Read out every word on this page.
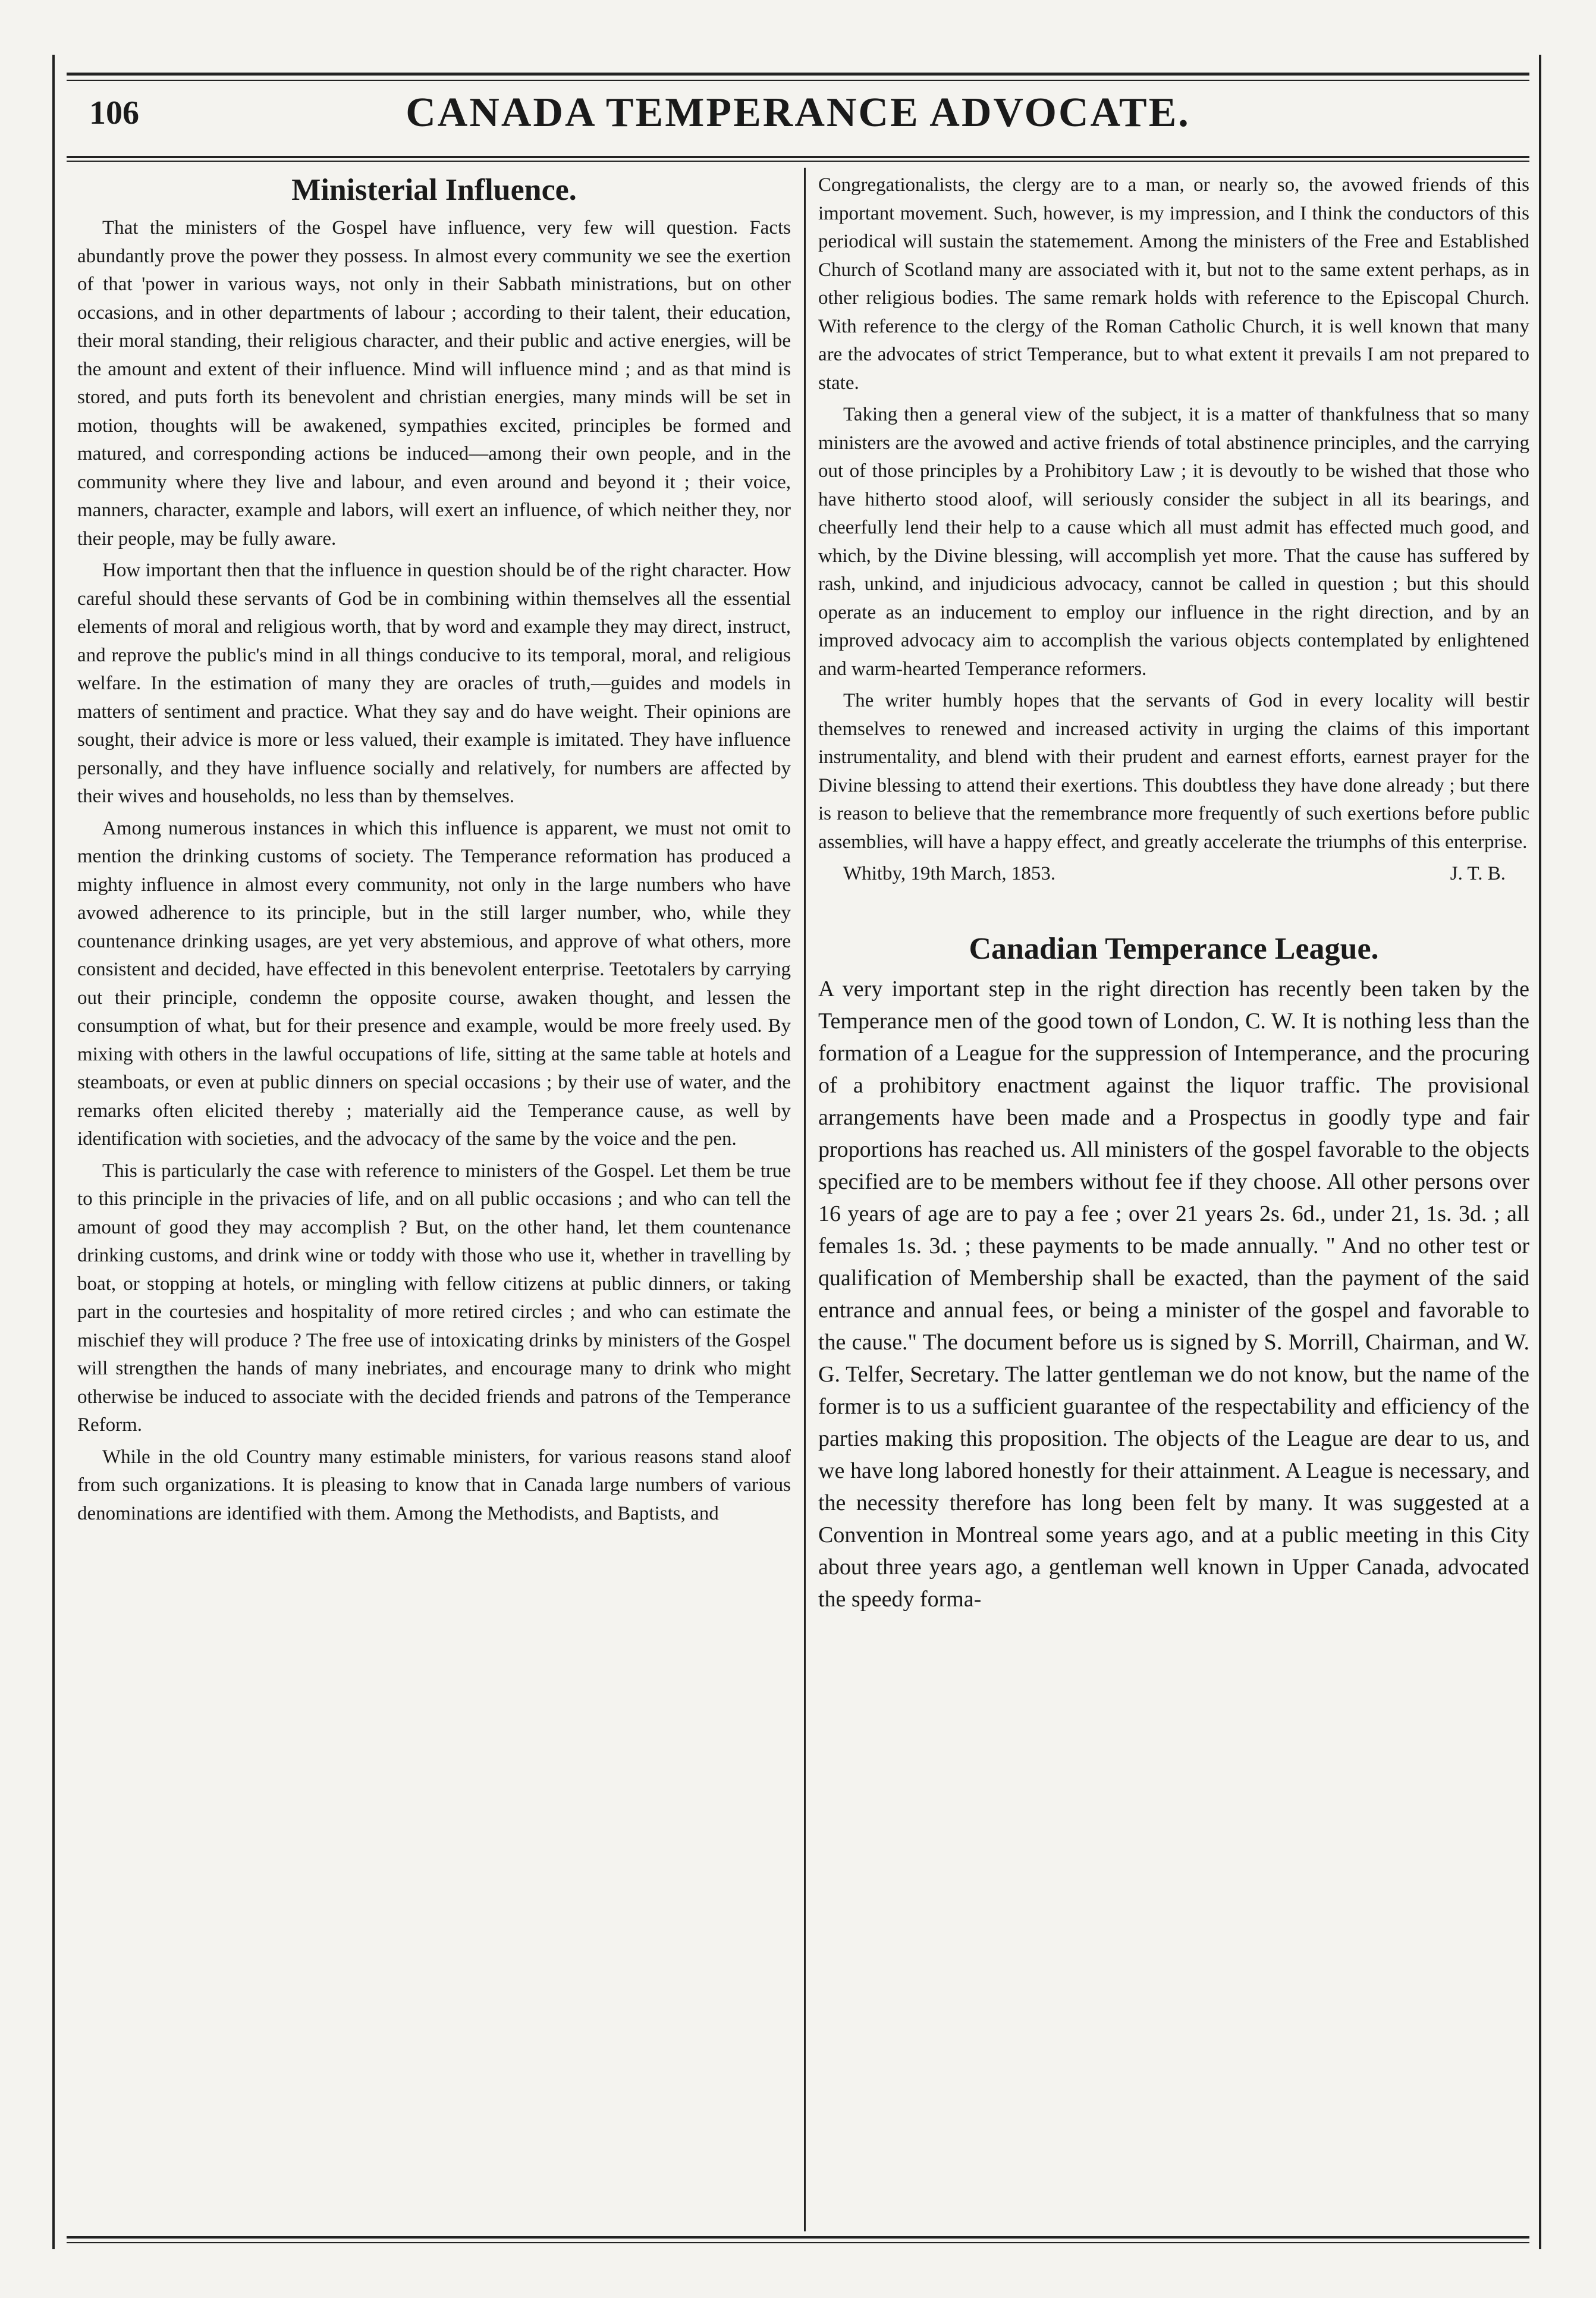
106	CANADA TEMPERANCE ADVOCATE.
Ministerial Influence.

That the ministers of the Gospel have influence, very few will question. Facts abundantly prove the power they possess. In almost every community we see the exertion of that 'power in various ways, not only in their Sabbath ministrations, but on other occasions, and in other departments of labour ; according to their talent, their education, their moral standing, their religious character, and their public and active energies, will be the amount and extent of their influence. Mind will influence mind ; and as that mind is stored, and puts forth its benevolent and christian energies, many minds will be set in motion, thoughts will be awakened, sympathies excited, principles be formed and matured, and corresponding actions be induced—among their own people, and in the community where they live and labour, and even around and beyond it ; their voice, manners, character, example and labors, will exert an influence, of which neither they, nor their people, may be fully aware.

How important then that the influence in question should be of the right character. How careful should these servants of God be in combining within themselves all the essential elements of moral and religious worth, that by word and example they may direct, instruct, and reprove the public's mind in all things conducive to its temporal, moral, and religious welfare. In the estimation of many they are oracles of truth,—guides and models in matters of sentiment and practice. What they say and do have weight. Their opinions are sought, their advice is more or less valued, their example is imitated. They have influence personally, and they have influence socially and relatively, for numbers are affected by their wives and households, no less than by themselves.

Among numerous instances in which this influence is apparent, we must not omit to mention the drinking customs of society. The Temperance reformation has produced a mighty influence in almost every community, not only in the large numbers who have avowed adherence to its principle, but in the still larger number, who, while they countenance drinking usages, are yet very abstemious, and approve of what others, more consistent and decided, have effected in this benevolent enterprise. Teetotalers by carrying out their principle, condemn the opposite course, awaken thought, and lessen the consumption of what, but for their presence and example, would be more freely used. By mixing with others in the lawful occupations of life, sitting at the same table at hotels and steamboats, or even at public dinners on special occasions ; by their use of water, and the remarks often elicited thereby ; materially aid the Temperance cause, as well by identification with societies, and the advocacy of the same by the voice and the pen.

This is particularly the case with reference to ministers of the Gospel. Let them be true to this principle in the privacies of life, and on all public occasions ; and who can tell the amount of good they may accomplish ? But, on the other hand, let them countenance drinking customs, and drink wine or toddy with those who use it, whether in travelling by boat, or stopping at hotels, or mingling with fellow citizens at public dinners, or taking part in the courtesies and hospitality of more retired circles ; and who can estimate the mischief they will produce ? The free use of intoxicating drinks by ministers of the Gospel will strengthen the hands of many inebriates, and encourage many to drink who might otherwise be induced to associate with the decided friends and patrons of the Temperance Reform.

While in the old Country many estimable ministers, for various reasons stand aloof from such organizations. It is pleasing to know that in Canada large numbers of various denominations are identified with them. Among the Methodists, and Baptists, and

Congregationalists, the clergy are to a man, or nearly so, the avowed friends of this important movement. Such, however, is my impression, and I think the conductors of this periodical will sustain the statemement. Among the ministers of the Free and Established Church of Scotland many are associated with it, but not to the same extent perhaps, as in other religious bodies. The same remark holds with reference to the Episcopal Church. With reference to the clergy of the Roman Catholic Church, it is well known that many are the advocates of strict Temperance, but to what extent it prevails I am not prepared to state.

Taking then a general view of the subject, it is a matter of thankfulness that so many ministers are the avowed and active friends of total abstinence principles, and the carrying out of those principles by a Prohibitory Law ; it is devoutly to be wished that those who have hitherto stood aloof, will seriously consider the subject in all its bearings, and cheerfully lend their help to a cause which all must admit has effected much good, and which, by the Divine blessing, will accomplish yet more. That the cause has suffered by rash, unkind, and injudicious advocacy, cannot be called in question ; but this should operate as an inducement to employ our influence in the right direction, and by an improved advocacy aim to accomplish the various objects contemplated by enlightened and warm-hearted Temperance reformers.

The writer humbly hopes that the servants of God in every locality will bestir themselves to renewed and increased activity in urging the claims of this important instrumentality, and blend with their prudent and earnest efforts, earnest prayer for the Divine blessing to attend their exertions. This doubtless they have done already ; but there is reason to believe that the remembrance more frequently of such exertions before public assemblies, will have a happy effect, and greatly accelerate the triumphs of this enterprise.

Whitby, 19th March, 1853.	J. T. B.

Canadian Temperance League.

A very important step in the right direction has recently been taken by the Temperance men of the good town of London, C. W. It is nothing less than the formation of a League for the suppression of Intemperance, and the procuring of a prohibitory enactment against the liquor traffic. The provisional arrangements have been made and a Prospectus in goodly type and fair proportions has reached us. All ministers of the gospel favorable to the objects specified are to be members without fee if they choose. All other persons over 16 years of age are to pay a fee ; over 21 years 2s. 6d., under 21, 1s. 3d. ; all females 1s. 3d. ; these payments to be made annually. " And no other test or qualification of Membership shall be exacted, than the payment of the said entrance and annual fees, or being a minister of the gospel and favorable to the cause." The document before us is signed by S. Morrill, Chairman, and W. G. Telfer, Secretary. The latter gentleman we do not know, but the name of the former is to us a sufficient guarantee of the respectability and efficiency of the parties making this proposition. The objects of the League are dear to us, and we have long labored honestly for their attainment. A League is necessary, and the necessity therefore has long been felt by many. It was suggested at a Convention in Montreal some years ago, and at a public meeting in this City about three years ago, a gentleman well known in Upper Canada, advocated the speedy forma-
